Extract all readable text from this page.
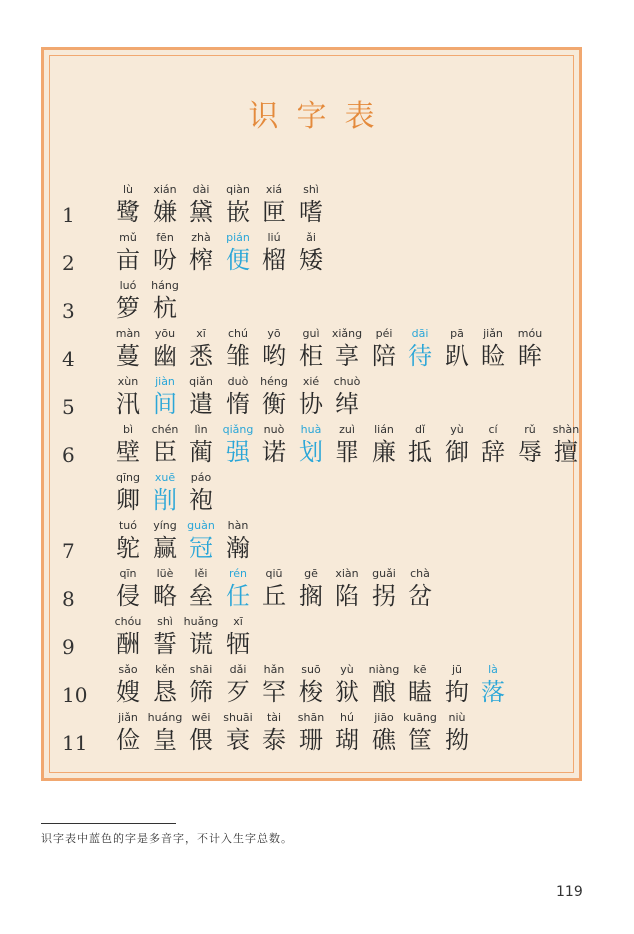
识字表
1
lù
鹭
xián
嫌
dài
黛
qiàn
嵌
xiá
匣
shì
嗜
2
mǔ
亩
fēn
吩
zhà
榨
pián
便
liú
榴
ǎi
矮
3
luó
箩
háng
杭
4
màn
蔓
yōu
幽
xī
悉
chú
雏
yō
哟
guì
柜
xiǎng
享
péi
陪
dāi
待
pā
趴
jiǎn
睑
móu
眸
5
xùn
汛
jiàn
间
qiǎn
遣
duò
惰
héng
衡
xié
协
chuò
绰
6
bì
壁
chén
臣
lìn
蔺
qiǎng
强
nuò
诺
huà
划
zuì
罪
lián
廉
dǐ
抵
yù
御
cí
辞
rǔ
辱
shàn
擅
qīng
卿
xuē
削
páo
袍
7
tuó
鸵
yíng
赢
guàn
冠
hàn
瀚
8
qīn
侵
lüè
略
lěi
垒
rén
任
qiū
丘
gē
搁
xiàn
陷
guǎi
拐
chà
岔
9
chóu
酬
shì
誓
huǎng
谎
xī
牺
10
sǎo
嫂
kěn
恳
shāi
筛
dǎi
歹
hǎn
罕
suō
梭
yù
狱
niàng
酿
kē
瞌
jū
拘
là
落
11
jiǎn
俭
huáng
皇
wēi
偎
shuāi
衰
tài
泰
shān
珊
hú
瑚
jiāo
礁
kuāng
筐
niù
拗
识字表中蓝色的字是多音字，不计入生字总数。
119
